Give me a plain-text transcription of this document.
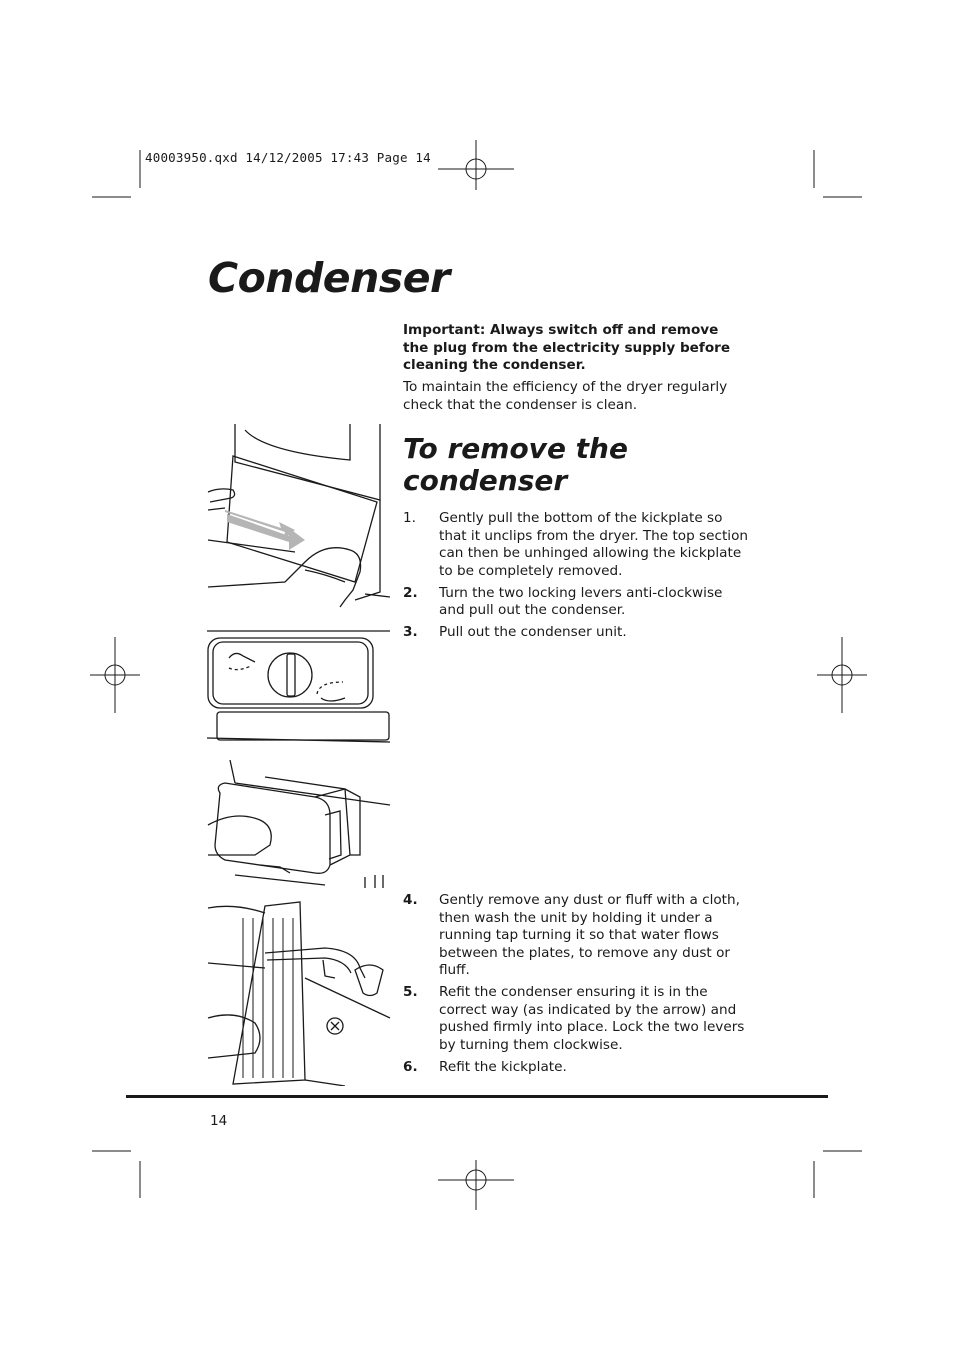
40003950.qxd 14/12/2005 17:43 Page 14
Condenser

Important: Always switch off and remove the plug from the electricity supply before cleaning the condenser.

To maintain the efficiency of the dryer regularly check that the condenser is clean.

To remove the condenser
1.	Gently pull the bottom of the kickplate so that it unclips from the dryer. The top section can then be unhinged allowing the kickplate to be completely removed.
2.	Turn the two locking levers anti-clockwise and pull out the condenser.
3.	Pull out the condenser unit.
4.	Gently remove any dust or fluff with a cloth, then wash the unit by holding it under a running tap turning it so that water flows between the plates, to remove any dust or fluff.
5.	Refit the condenser ensuring it is in the correct way (as indicated by the arrow) and pushed firmly into place. Lock the two levers by turning them clockwise.
6.	Refit the kickplate.
14
